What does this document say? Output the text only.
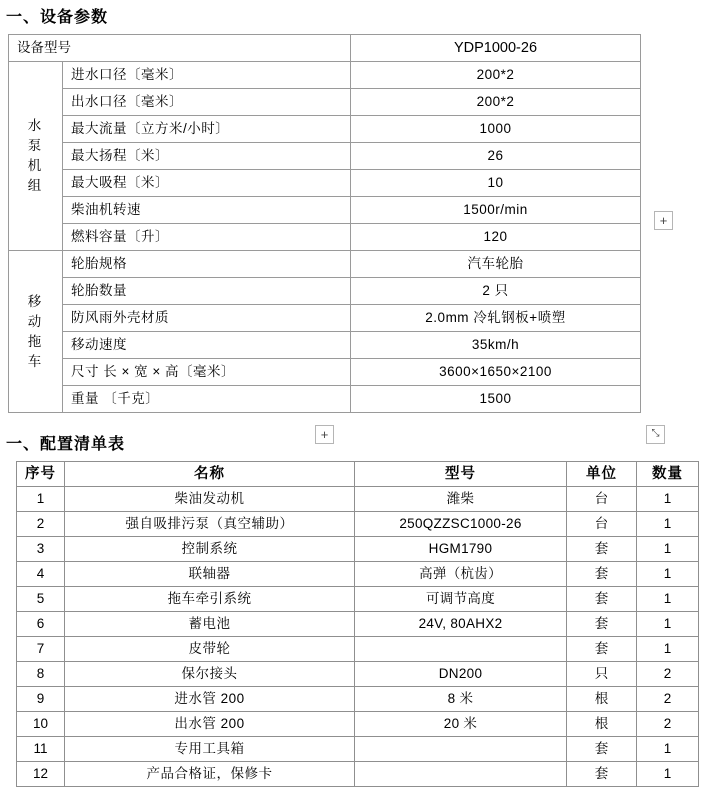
一、设备参数
设备型号		YDP1000-26

水泵机组	进水口径〔毫米〕	200*2
	出水口径〔毫米〕	200*2
	最大流量〔立方米/小时〕	1000
	最大扬程〔米〕	26
	最大吸程〔米〕	10
	柴油机转速	1500r/min
	燃料容量〔升〕	120

移动拖车	轮胎规格	汽车轮胎
	轮胎数量	2 只
	防风雨外壳材质	2.0mm 冷轧钢板+喷塑
	移动速度	35km/h
	尺寸 长 × 宽 × 高〔毫米〕	3600×1650×2100
	重量 〔千克〕	1500
+
+	⤡
一、配置清单表
序号	名称	型号	单位	数量
1	柴油发动机	潍柴	台	1
2	强自吸排污泵（真空辅助）	250QZZSC1000-26	台	1
3	控制系统	HGM1790	套	1
4	联轴器	高弹（杭齿）	套	1
5	拖车牵引系统	可调节高度	套	1
6	蓄电池	24V, 80AHX2	套	1
7	皮带轮		套	1
8	保尔接头	DN200	只	2
9	进水管 200	8 米	根	2
10	出水管 200	20 米	根	2
11	专用工具箱		套	1
12	产品合格证，保修卡		套	1
